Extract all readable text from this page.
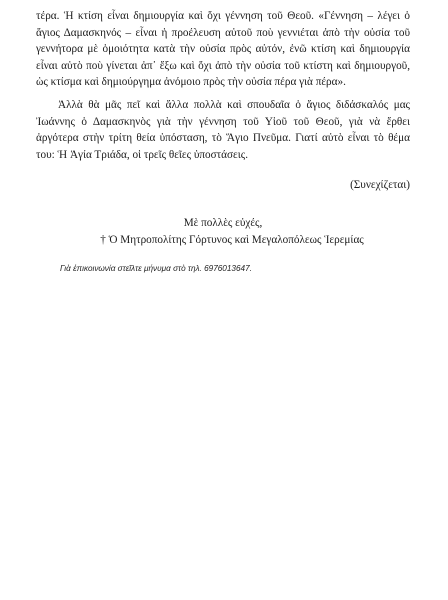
τέρα. Ἡ κτίση εἶναι δημιουργία καὶ ὄχι γέννηση τοῦ Θεοῦ. «Γέννηση – λέγει ὁ ἅγιος Δαμασκηνός – εἶναι ἡ προέλευση αὐτοῦ ποὺ γεννιέται ἀπὸ τὴν οὐσία τοῦ γεννήτορα μὲ ὁμοιότητα κατὰ τὴν οὐσία πρὸς αὐτόν, ἐνῶ κτίση καὶ δημιουργία εἶναι αὐτὸ ποὺ γίνεται ἀπ᾽ ἔξω καὶ ὄχι ἀπὸ τὴν οὐσία τοῦ κτίστη καὶ δημιουργοῦ, ὡς κτίσμα καὶ δημιούργημα ἀνόμοιο πρὸς τὴν οὐσία πέρα γιὰ πέρα».

Ἀλλὰ θὰ μᾶς πεῖ καὶ ἄλλα πολλὰ καὶ σπουδαῖα ὁ ἅγιος διδάσκαλός μας Ἰωάννης ὁ Δαμασκηνὸς γιὰ τὴν γέννηση τοῦ Υἱοῦ τοῦ Θεοῦ, γιὰ νὰ ἔρθει ἀργότερα στὴν τρίτη θεία ὑπόσταση, τὸ Ἅγιο Πνεῦμα. Γιατί αὐτὸ εἶναι τὸ θέμα του: Ἡ Ἁγία Τριάδα, οἱ τρεῖς θεῖες ὑποστάσεις.

(Συνεχίζεται)

Μὲ πολλὲς εὐχές,
† Ὁ Μητροπολίτης Γόρτυνος καὶ Μεγαλοπόλεως Ἱερεμίας
Γιὰ ἐπικοινωνία στεῖλτε μήνυμα στὸ τηλ. 6976013647.
